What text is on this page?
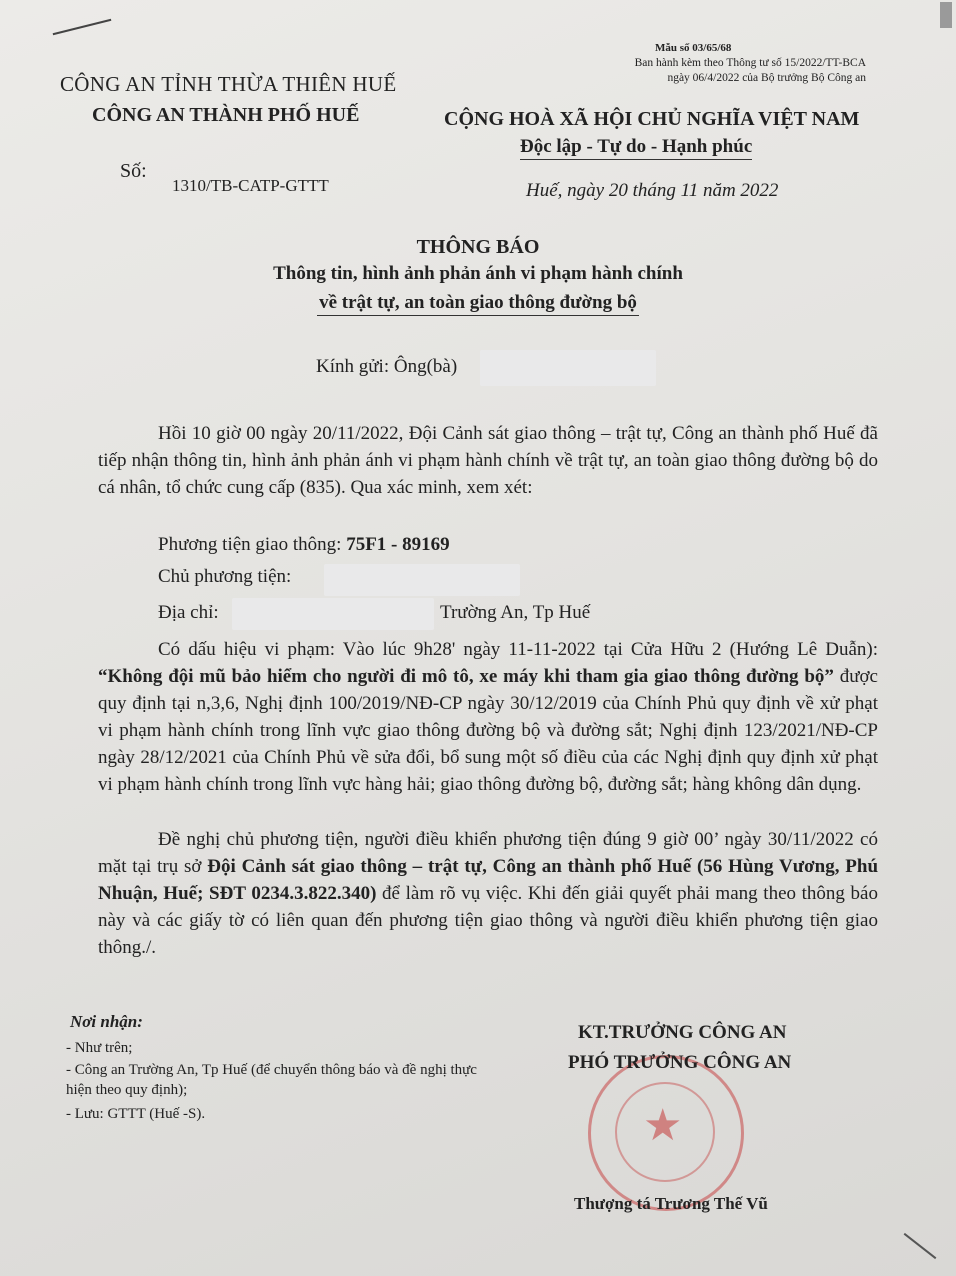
Mẫu số 03/65/68
Ban hành kèm theo Thông tư số 15/2022/TT-BCA
ngày 06/4/2022 của Bộ trưởng Bộ Công an
CÔNG AN TỈNH THỪA THIÊN HUẾ
CÔNG AN THÀNH PHỐ HUẾ	CỘNG HOÀ XÃ HỘI CHỦ NGHĨA VIỆT NAM
Độc lập - Tự do - Hạnh phúc
Số:
1310/TB-CATP-GTTT	Huế, ngày 20 tháng 11 năm 2022
THÔNG BÁO
Thông tin, hình ảnh phản ánh vi phạm hành chính
về trật tự, an toàn giao thông đường bộ
Kính gửi: Ông(bà)
Hồi 10 giờ 00 ngày 20/11/2022, Đội Cảnh sát giao thông – trật tự, Công an thành phố Huế đã tiếp nhận thông tin, hình ảnh phản ánh vi phạm hành chính về trật tự, an toàn giao thông đường bộ do cá nhân, tổ chức cung cấp (835). Qua xác minh, xem xét:
Phương tiện giao thông: 75F1 - 89169
Chủ phương tiện:
Địa chỉ:	Trường An, Tp Huế
Có dấu hiệu vi phạm: Vào lúc 9h28' ngày 11-11-2022 tại Cửa Hữu 2 (Hướng Lê Duẫn): “Không đội mũ bảo hiểm cho người đi mô tô, xe máy khi tham gia giao thông đường bộ” được quy định tại n,3,6, Nghị định 100/2019/NĐ-CP ngày 30/12/2019 của Chính Phủ quy định về xử phạt vi phạm hành chính trong lĩnh vực giao thông đường bộ và đường sắt; Nghị định 123/2021/NĐ-CP ngày 28/12/2021 của Chính Phủ về sửa đổi, bổ sung một số điều của các Nghị định quy định xử phạt vi phạm hành chính trong lĩnh vực hàng hải; giao thông đường bộ, đường sắt; hàng không dân dụng.
Đề nghị chủ phương tiện, người điều khiển phương tiện đúng 9 giờ 00’ ngày 30/11/2022 có mặt tại trụ sở Đội Cảnh sát giao thông – trật tự, Công an thành phố Huế (56 Hùng Vương, Phú Nhuận, Huế; SĐT 0234.3.822.340) để làm rõ vụ việc. Khi đến giải quyết phải mang theo thông báo này và các giấy tờ có liên quan đến phương tiện giao thông và người điều khiển phương tiện giao thông./.
Nơi nhận:
- Như trên;
- Công an Trường An, Tp Huế (để chuyển thông báo và đề nghị thực hiện theo quy định);
- Lưu: GTTT (Huế -S).	★
KT.TRƯỞNG CÔNG AN
PHÓ TRƯỞNG CÔNG AN
Thượng tá Trương Thế Vũ
